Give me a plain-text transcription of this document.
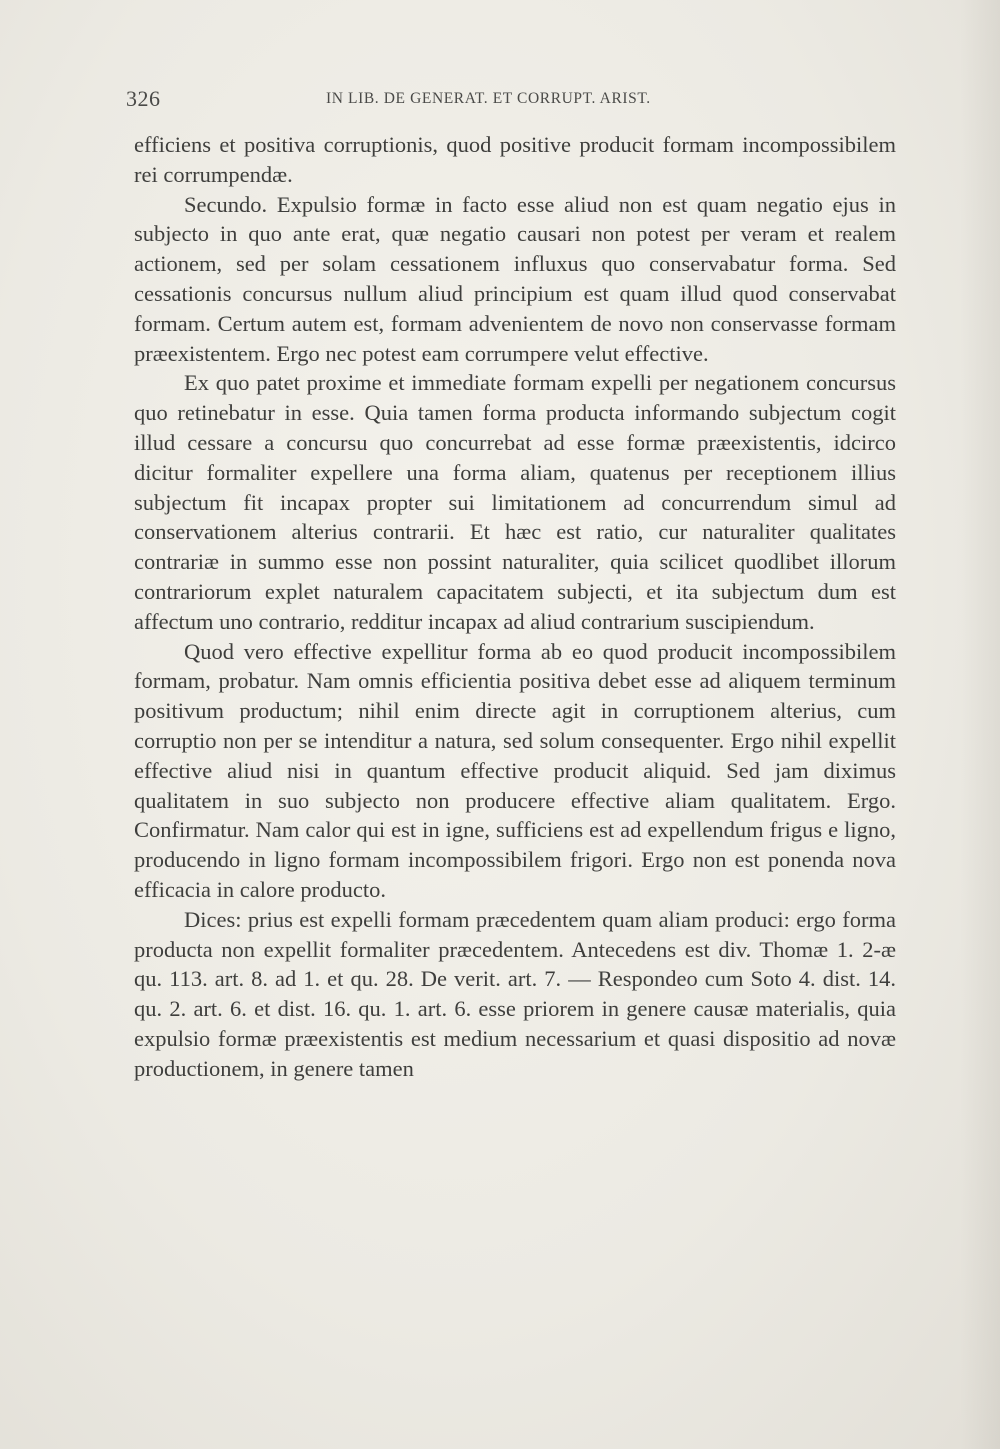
326	IN LIB. DE GENERAT. ET CORRUPT. ARIST.

efficiens et positiva corruptionis, quod positive producit formam incompossibilem rei corrumpendæ.

Secundo. Expulsio formæ in facto esse aliud non est quam negatio ejus in subjecto in quo ante erat, quæ negatio causari non potest per veram et realem actionem, sed per solam cessationem influxus quo conservabatur forma. Sed cessationis concursus nullum aliud principium est quam illud quod conservabat formam. Certum autem est, formam advenientem de novo non conservasse formam præexistentem. Ergo nec potest eam corrumpere velut effective.

Ex quo patet proxime et immediate formam expelli per negationem concursus quo retinebatur in esse. Quia tamen forma producta informando subjectum cogit illud cessare a concursu quo concurrebat ad esse formæ præexistentis, idcirco dicitur formaliter expellere una forma aliam, quatenus per receptionem illius subjectum fit incapax propter sui limitationem ad concurrendum simul ad conservationem alterius contrarii. Et hæc est ratio, cur naturaliter qualitates contrariæ in summo esse non possint naturaliter, quia scilicet quodlibet illorum contrariorum explet naturalem capacitatem subjecti, et ita subjectum dum est affectum uno contrario, redditur incapax ad aliud contrarium suscipiendum.

Quod vero effective expellitur forma ab eo quod producit incompossibilem formam, probatur. Nam omnis efficientia positiva debet esse ad aliquem terminum positivum productum; nihil enim directe agit in corruptionem alterius, cum corruptio non per se intenditur a natura, sed solum consequenter. Ergo nihil expellit effective aliud nisi in quantum effective producit aliquid. Sed jam diximus qualitatem in suo subjecto non producere effective aliam qualitatem. Ergo. Confirmatur. Nam calor qui est in igne, sufficiens est ad expellendum frigus e ligno, producendo in ligno formam incompossibilem frigori. Ergo non est ponenda nova efficacia in calore producto.

Dices: prius est expelli formam præcedentem quam aliam produci: ergo forma producta non expellit formaliter præcedentem. Antecedens est div. Thomæ 1. 2-æ qu. 113. art. 8. ad 1. et qu. 28. De verit. art. 7. — Respondeo cum Soto 4. dist. 14. qu. 2. art. 6. et dist. 16. qu. 1. art. 6. esse priorem in genere causæ materialis, quia expulsio formæ præexistentis est medium necessarium et quasi dispositio ad novæ productionem, in genere tamen
